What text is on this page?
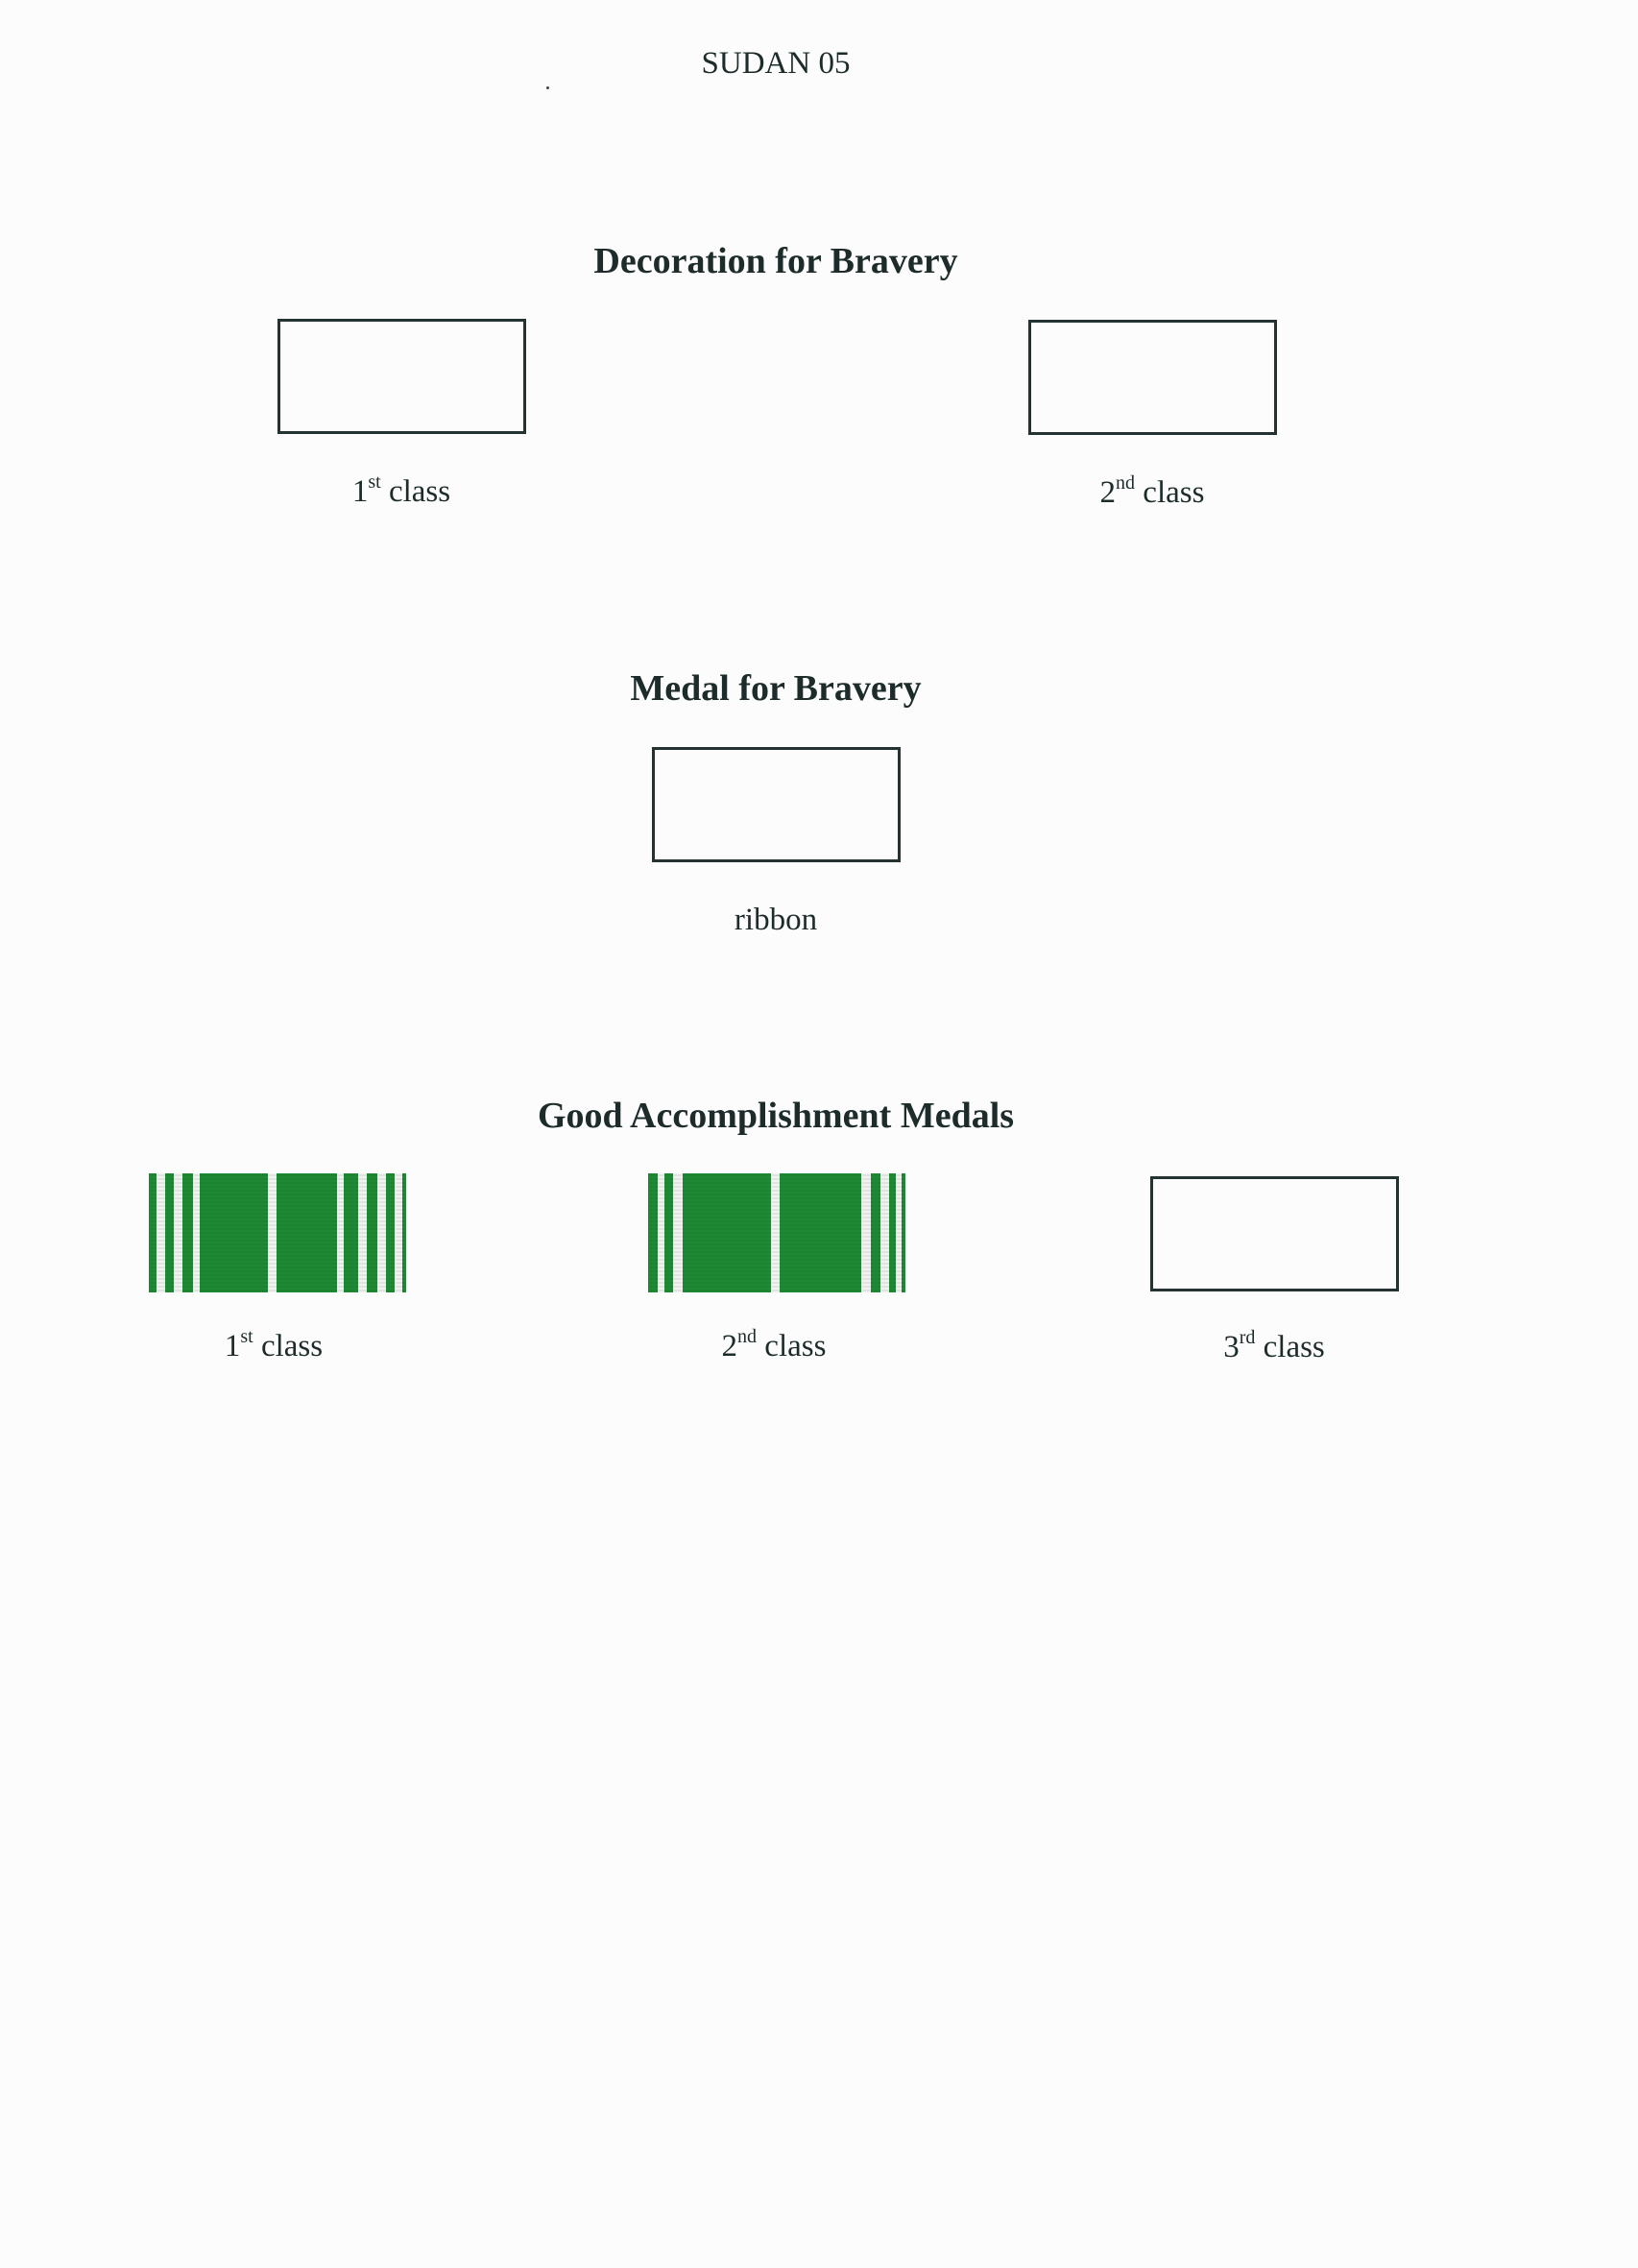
SUDAN 05
Decoration for Bravery
1st class	2nd class
Medal for Bravery
ribbon
Good Accomplishment Medals
1st class	2nd class	3rd class
